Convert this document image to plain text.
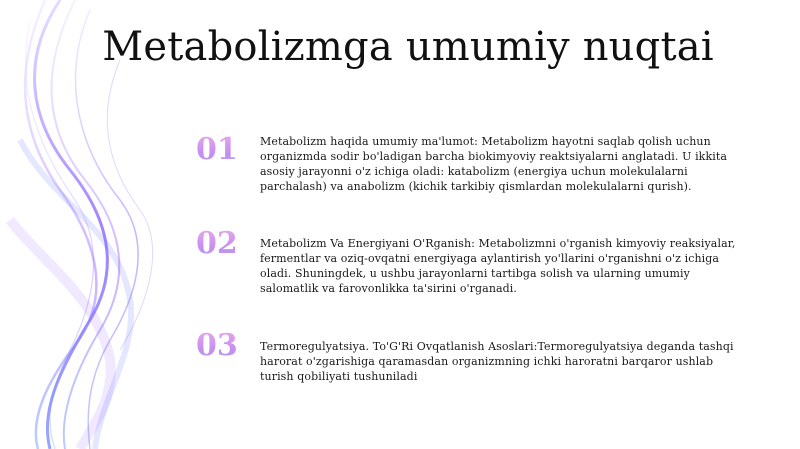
Metabolizmga umumiy nuqtai
01	Metabolizm haqida umumiy ma'lumot: Metabolizm hayotni saqlab qolish uchun organizmda sodir bo'ladigan barcha biokimyoviy reaktsiyalarni anglatadi. U ikkita asosiy jarayonni o'z ichiga oladi: katabolizm (energiya uchun molekulalarni parchalash) va anabolizm (kichik tarkibiy qismlardan molekulalarni qurish).
02	Metabolizm Va Energiyani O'Rganish: Metabolizmni o'rganish kimyoviy reaksiyalar, fermentlar va oziq-ovqatni energiyaga aylantirish yo'llarini o'rganishni o'z ichiga oladi. Shuningdek, u ushbu jarayonlarni tartibga solish va ularning umumiy salomatlik va farovonlikka ta'sirini o'rganadi.
03	Termoregulyatsiya. To'G'Ri Ovqatlanish Asoslari:Termoregulyatsiya deganda tashqi harorat o'zgarishiga qaramasdan organizmning ichki haroratni barqaror ushlab turish qobiliyati tushuniladi
